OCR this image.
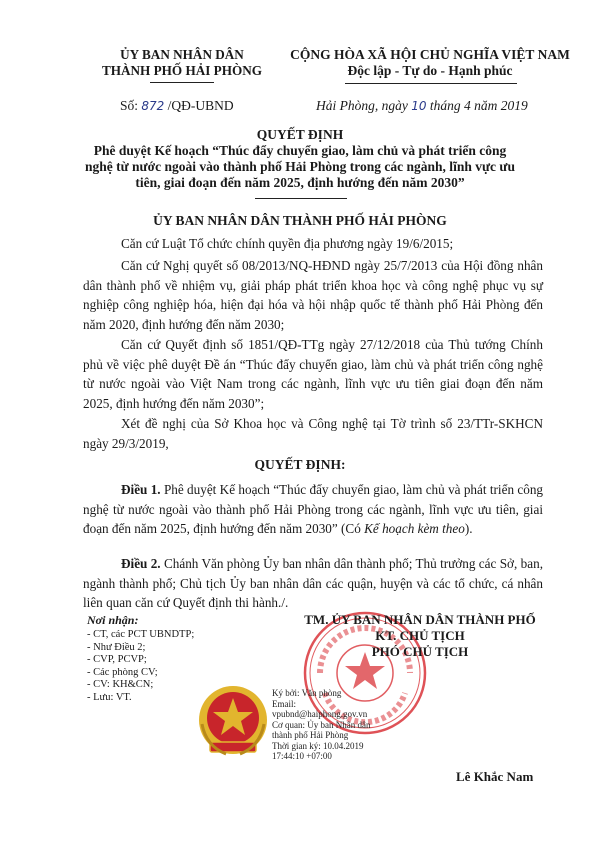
ỦY BAN NHÂN DÂN
THÀNH PHỐ HẢI PHÒNG
CỘNG HÒA XÃ HỘI CHỦ NGHĨA VIỆT NAM
Độc lập - Tự do - Hạnh phúc
Số: 872 /QĐ-UBND	Hải Phòng, ngày 10 tháng 4 năm 2019
QUYẾT ĐỊNH
Phê duyệt Kế hoạch “Thúc đẩy chuyển giao, làm chủ và phát triển công
nghệ từ nước ngoài vào thành phố Hải Phòng trong các ngành, lĩnh vực ưu
tiên, giai đoạn đến năm 2025, định hướng đến năm 2030”
ỦY BAN NHÂN DÂN THÀNH PHỐ HẢI PHÒNG
Căn cứ Luật Tổ chức chính quyền địa phương ngày 19/6/2015;
Căn cứ Nghị quyết số 08/2013/NQ-HĐND ngày 25/7/2013 của Hội đồng nhân dân thành phố về nhiệm vụ, giải pháp phát triển khoa học và công nghệ phục vụ sự nghiệp công nghiệp hóa, hiện đại hóa và hội nhập quốc tế thành phố Hải Phòng đến năm 2020, định hướng đến năm 2030;
Căn cứ Quyết định số 1851/QĐ-TTg ngày 27/12/2018 của Thủ tướng Chính phủ về việc phê duyệt Đề án “Thúc đẩy chuyển giao, làm chủ và phát triển công nghệ từ nước ngoài vào Việt Nam trong các ngành, lĩnh vực ưu tiên giai đoạn đến năm 2025, định hướng đến năm 2030”;
Xét đề nghị của Sở Khoa học và Công nghệ tại Tờ trình số 23/TTr-SKHCN ngày 29/3/2019,
QUYẾT ĐỊNH:
Điều 1. Phê duyệt Kế hoạch “Thúc đẩy chuyển giao, làm chủ và phát triển công nghệ từ nước ngoài vào thành phố Hải Phòng trong các ngành, lĩnh vực ưu tiên, giai đoạn đến năm 2025, định hướng đến năm 2030” (Có Kế hoạch kèm theo).
Điều 2. Chánh Văn phòng Ủy ban nhân dân thành phố; Thủ trưởng các Sở, ban, ngành thành phố; Chủ tịch Ủy ban nhân dân các quận, huyện và các tổ chức, cá nhân liên quan căn cứ Quyết định thi hành./.
Nơi nhận:
- CT, các PCT UBNDTP;
- Như Điều 2;
- CVP, PCVP;
- Các phòng CV;
- CV: KH&CN;
- Lưu: VT.
TM. ỦY BAN NHÂN DÂN THÀNH PHỐ
KT. CHỦ TỊCH
PHÓ CHỦ TỊCH
Ký bởi: Văn phòng
Email:
vpubnd@haiphong.gov.vn
Cơ quan: Ủy ban Nhân dân
thành phố Hải Phòng
Thời gian ký: 10.04.2019
17:44:10 +07:00
Lê Khắc Nam
